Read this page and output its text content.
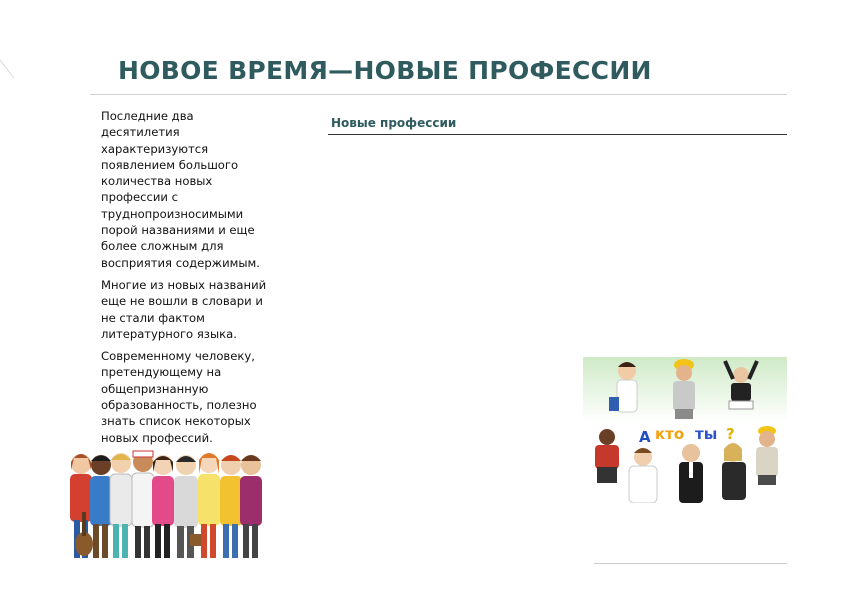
НОВОЕ ВРЕМЯ—НОВЫЕ ПРОФЕССИИ

Последние два десятилетия характеризуются появлением большого количества новых профессии с труднопроизносимыми порой названиями и еще более сложным для восприятия содержимым.

Многие из новых названий еще не вошли в словари и не стали фактом литературного языка.

Современному человеку, претендующему на общепризнанную образованность, полезно знать список некоторых новых профессий.

Новые профессии
А кто ты ?
